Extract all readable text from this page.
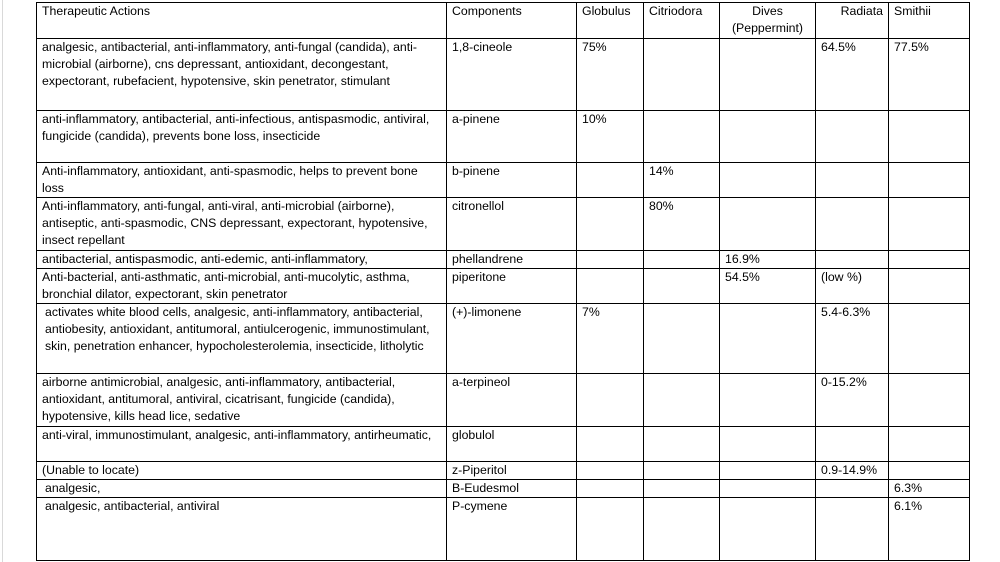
Therapeutic Actions	Components	Globulus	Citriodora	Dives (Peppermint)	Radiata	Smithii
analgesic, antibacterial, anti-inflammatory, anti-fungal (candida), anti-microbial (airborne), cns depressant, antioxidant, decongestant, expectorant, rubefacient, hypotensive, skin penetrator, stimulant	1,8-cineole	75%			64.5%	77.5%
anti-inflammatory, antibacterial, anti-infectious, antispasmodic, antiviral, fungicide (candida), prevents bone loss, insecticide	a-pinene	10%				
Anti-inflammatory, antioxidant, anti-spasmodic, helps to prevent bone loss	b-pinene		14%			
Anti-inflammatory, anti-fungal, anti-viral, anti-microbial (airborne), antiseptic, anti-spasmodic, CNS depressant, expectorant, hypotensive, insect repellant	citronellol		80%			
antibacterial, antispasmodic, anti-edemic, anti-inflammatory,	phellandrene			16.9%		
Anti-bacterial, anti-asthmatic, anti-microbial, anti-mucolytic, asthma, bronchial dilator, expectorant, skin penetrator	piperitone			54.5%	(low %)	
activates white blood cells, analgesic, anti-inflammatory, antibacterial, antiobesity, antioxidant, antitumoral, antiulcerogenic, immunostimulant, skin, penetration enhancer, hypocholesterolemia, insecticide, litholytic	(+)-limonene	7%			5.4-6.3%	
airborne antimicrobial, analgesic, anti-inflammatory, antibacterial, antioxidant, antitumoral, antiviral, cicatrisant, fungicide (candida), hypotensive, kills head lice, sedative	a-terpineol				0-15.2%	
anti-viral, immunostimulant, analgesic, anti-inflammatory, antirheumatic,	globulol					
(Unable to locate)	z-Piperitol				0.9-14.9%	
analgesic,	B-Eudesmol					6.3%
analgesic, antibacterial, antiviral	P-cymene					6.1%
